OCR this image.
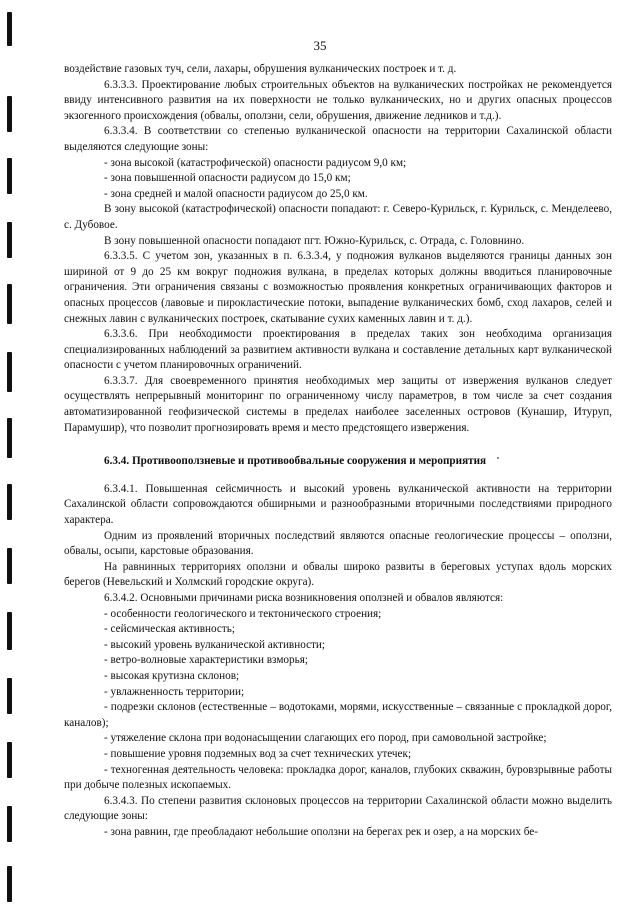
35

воздействие газовых туч, сели, лахары, обрушения вулканических построек и т. д.

6.3.3.3. Проектирование любых строительных объектов на вулканических постройках не рекомендуется ввиду интенсивного развития на их поверхности не только вулканических, но и других опасных процессов экзогенного происхождения (обвалы, оползни, сели, обрушения, движение ледников и т.д.).

6.3.3.4. В соответствии со степенью вулканической опасности на территории Сахалинской области выделяются следующие зоны:

- зона высокой (катастрофической) опасности радиусом 9,0 км;

- зона повышенной опасности радиусом до 15,0 км;

- зона средней и малой опасности радиусом до 25,0 км.

В зону высокой (катастрофической) опасности попадают: г. Северо-Курильск, г. Курильск, с. Менделеево, с. Дубовое.

В зону повышенной опасности попадают пгт. Южно-Курильск, с. Отрада, с. Головнино.

6.3.3.5. С учетом зон, указанных в п. 6.3.3.4, у подножия вулканов выделяются границы данных зон шириной от 9 до 25 км вокруг подножия вулкана, в пределах которых должны вводиться планировочные ограничения. Эти ограничения связаны с возможностью проявления конкретных ограничивающих факторов и опасных процессов (лавовые и пирокластические потоки, выпадение вулканических бомб, сход лахаров, селей и снежных лавин с вулканических построек, скатывание сухих каменных лавин и т. д.).

6.3.3.6. При необходимости проектирования в пределах таких зон необходима организация специализированных наблюдений за развитием активности вулкана и составление детальных карт вулканической опасности с учетом планировочных ограничений.

6.3.3.7. Для своевременного принятия необходимых мер защиты от извержения вулканов следует осуществлять непрерывный мониторинг по ограниченному числу параметров, в том числе за счет создания автоматизированной геофизической системы в пределах наиболее заселенных островов (Кунашир, Итуруп, Парамушир), что позволит прогнозировать время и место предстоящего извержения.

6.3.4. Противооползневые и противообвальные сооружения и мероприятия

6.3.4.1. Повышенная сейсмичность и высокий уровень вулканической активности на территории Сахалинской области сопровождаются обширными и разнообразными вторичными последствиями природного характера.

Одним из проявлений вторичных последствий являются опасные геологические процессы – оползни, обвалы, осыпи, карстовые образования.

На равнинных территориях оползни и обвалы широко развиты в береговых уступах вдоль морских берегов (Невельский и Холмский городские округа).

6.3.4.2. Основными причинами риска возникновения оползней и обвалов являются:

- особенности геологического и тектонического строения;

- сейсмическая активность;

- высокий уровень вулканической активности;

- ветро-волновые характеристики взморья;

- высокая крутизна склонов;

- увлажненность территории;

- подрезки склонов (естественные – водотоками, морями, искусственные – связанные с прокладкой дорог, каналов);

- утяжеление склона при водонасыщении слагающих его пород, при самовольной застройке;

- повышение уровня подземных вод за счет технических утечек;

- техногенная деятельность человека: прокладка дорог, каналов, глубоких скважин, буровзрывные работы при добыче полезных ископаемых.

6.3.4.3. По степени развития склоновых процессов на территории Сахалинской области можно выделить следующие зоны:

- зона равнин, где преобладают небольшие оползни на берегах рек и озер, а на морских бе-
